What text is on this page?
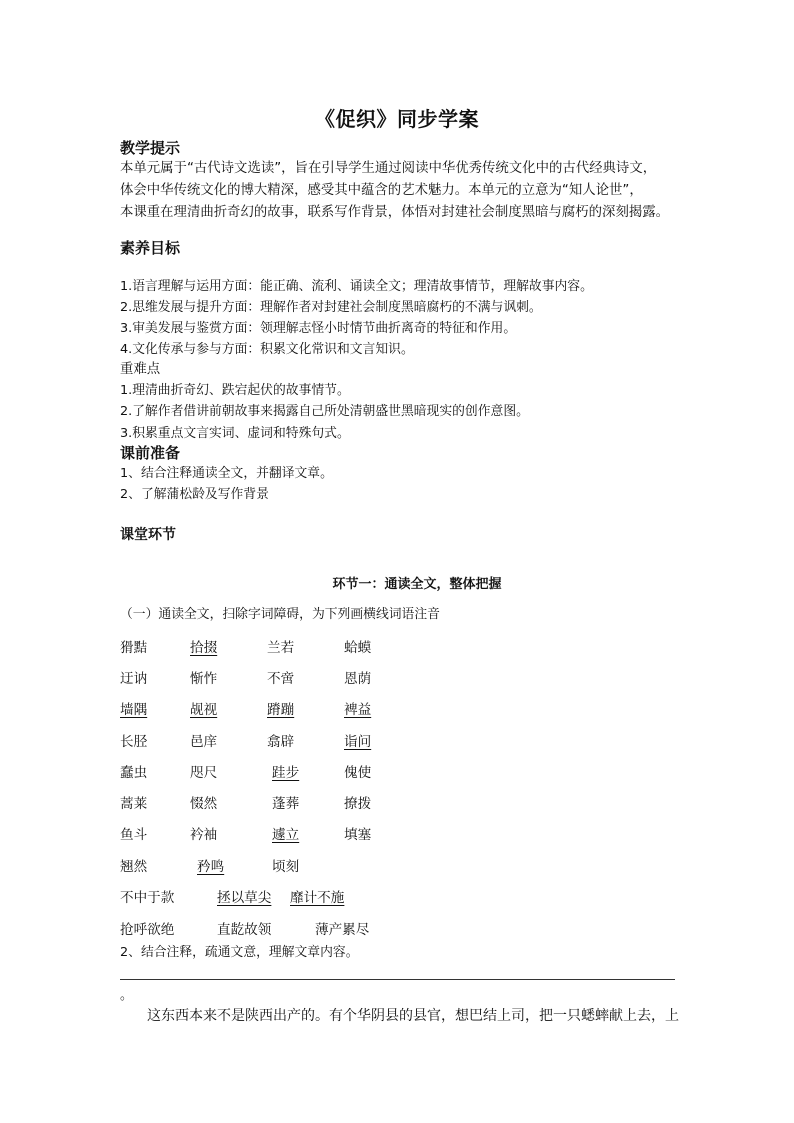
《促织》同步学案
教学提示
本单元属于“古代诗文选读”，旨在引导学生通过阅读中华优秀传统文化中的古代经典诗文，
体会中华传统文化的博大精深，感受其中蕴含的艺术魅力。本单元的立意为“知人论世”，
本课重在理清曲折奇幻的故事，联系写作背景，体悟对封建社会制度黑暗与腐朽的深刻揭露。
素养目标
1.语言理解与运用方面：能正确、流利、诵读全文；理清故事情节，理解故事内容。
2.思维发展与提升方面：理解作者对封建社会制度黑暗腐朽的不满与讽刺。
3.审美发展与鉴赏方面：领理解志怪小时情节曲折离奇的特征和作用。
4.文化传承与参与方面：积累文化常识和文言知识。
重难点
1.理清曲折奇幻、跌宕起伏的故事情节。
2.了解作者借讲前朝故事来揭露自己所处清朝盛世黑暗现实的创作意图。
3.积累重点文言实词、虚词和特殊句式。
课前准备
1、结合注释通读全文，并翻译文章。
2、了解蒲松龄及写作背景
课堂环节
环节一：通读全文，整体把握
（一）通读全文，扫除字词障碍，为下列画横线词语注音
猾黠	拾掇	兰若	蛤蟆
迂讷	惭怍	不啻	恩荫
墙隅	觇视	蹐蹦	裨益
长胫	邑庠	翕辟	诣问
蠢虫	咫尺	跬步	傀使
蒿莱	惙然	蓬葬	撩拨
鱼斗	衿袖	遽立	填塞
翘然	矜鸣	顷刻
不中于款	拯以草尖 靡计不施
抢呼欲绝	直龁故领	薄产累尽
2、结合注释，疏通文意，理解文章内容。
。
这东西本来不是陕西出产的。有个华阴县的县官，想巴结上司，把一只蟋蟀献上去，上
